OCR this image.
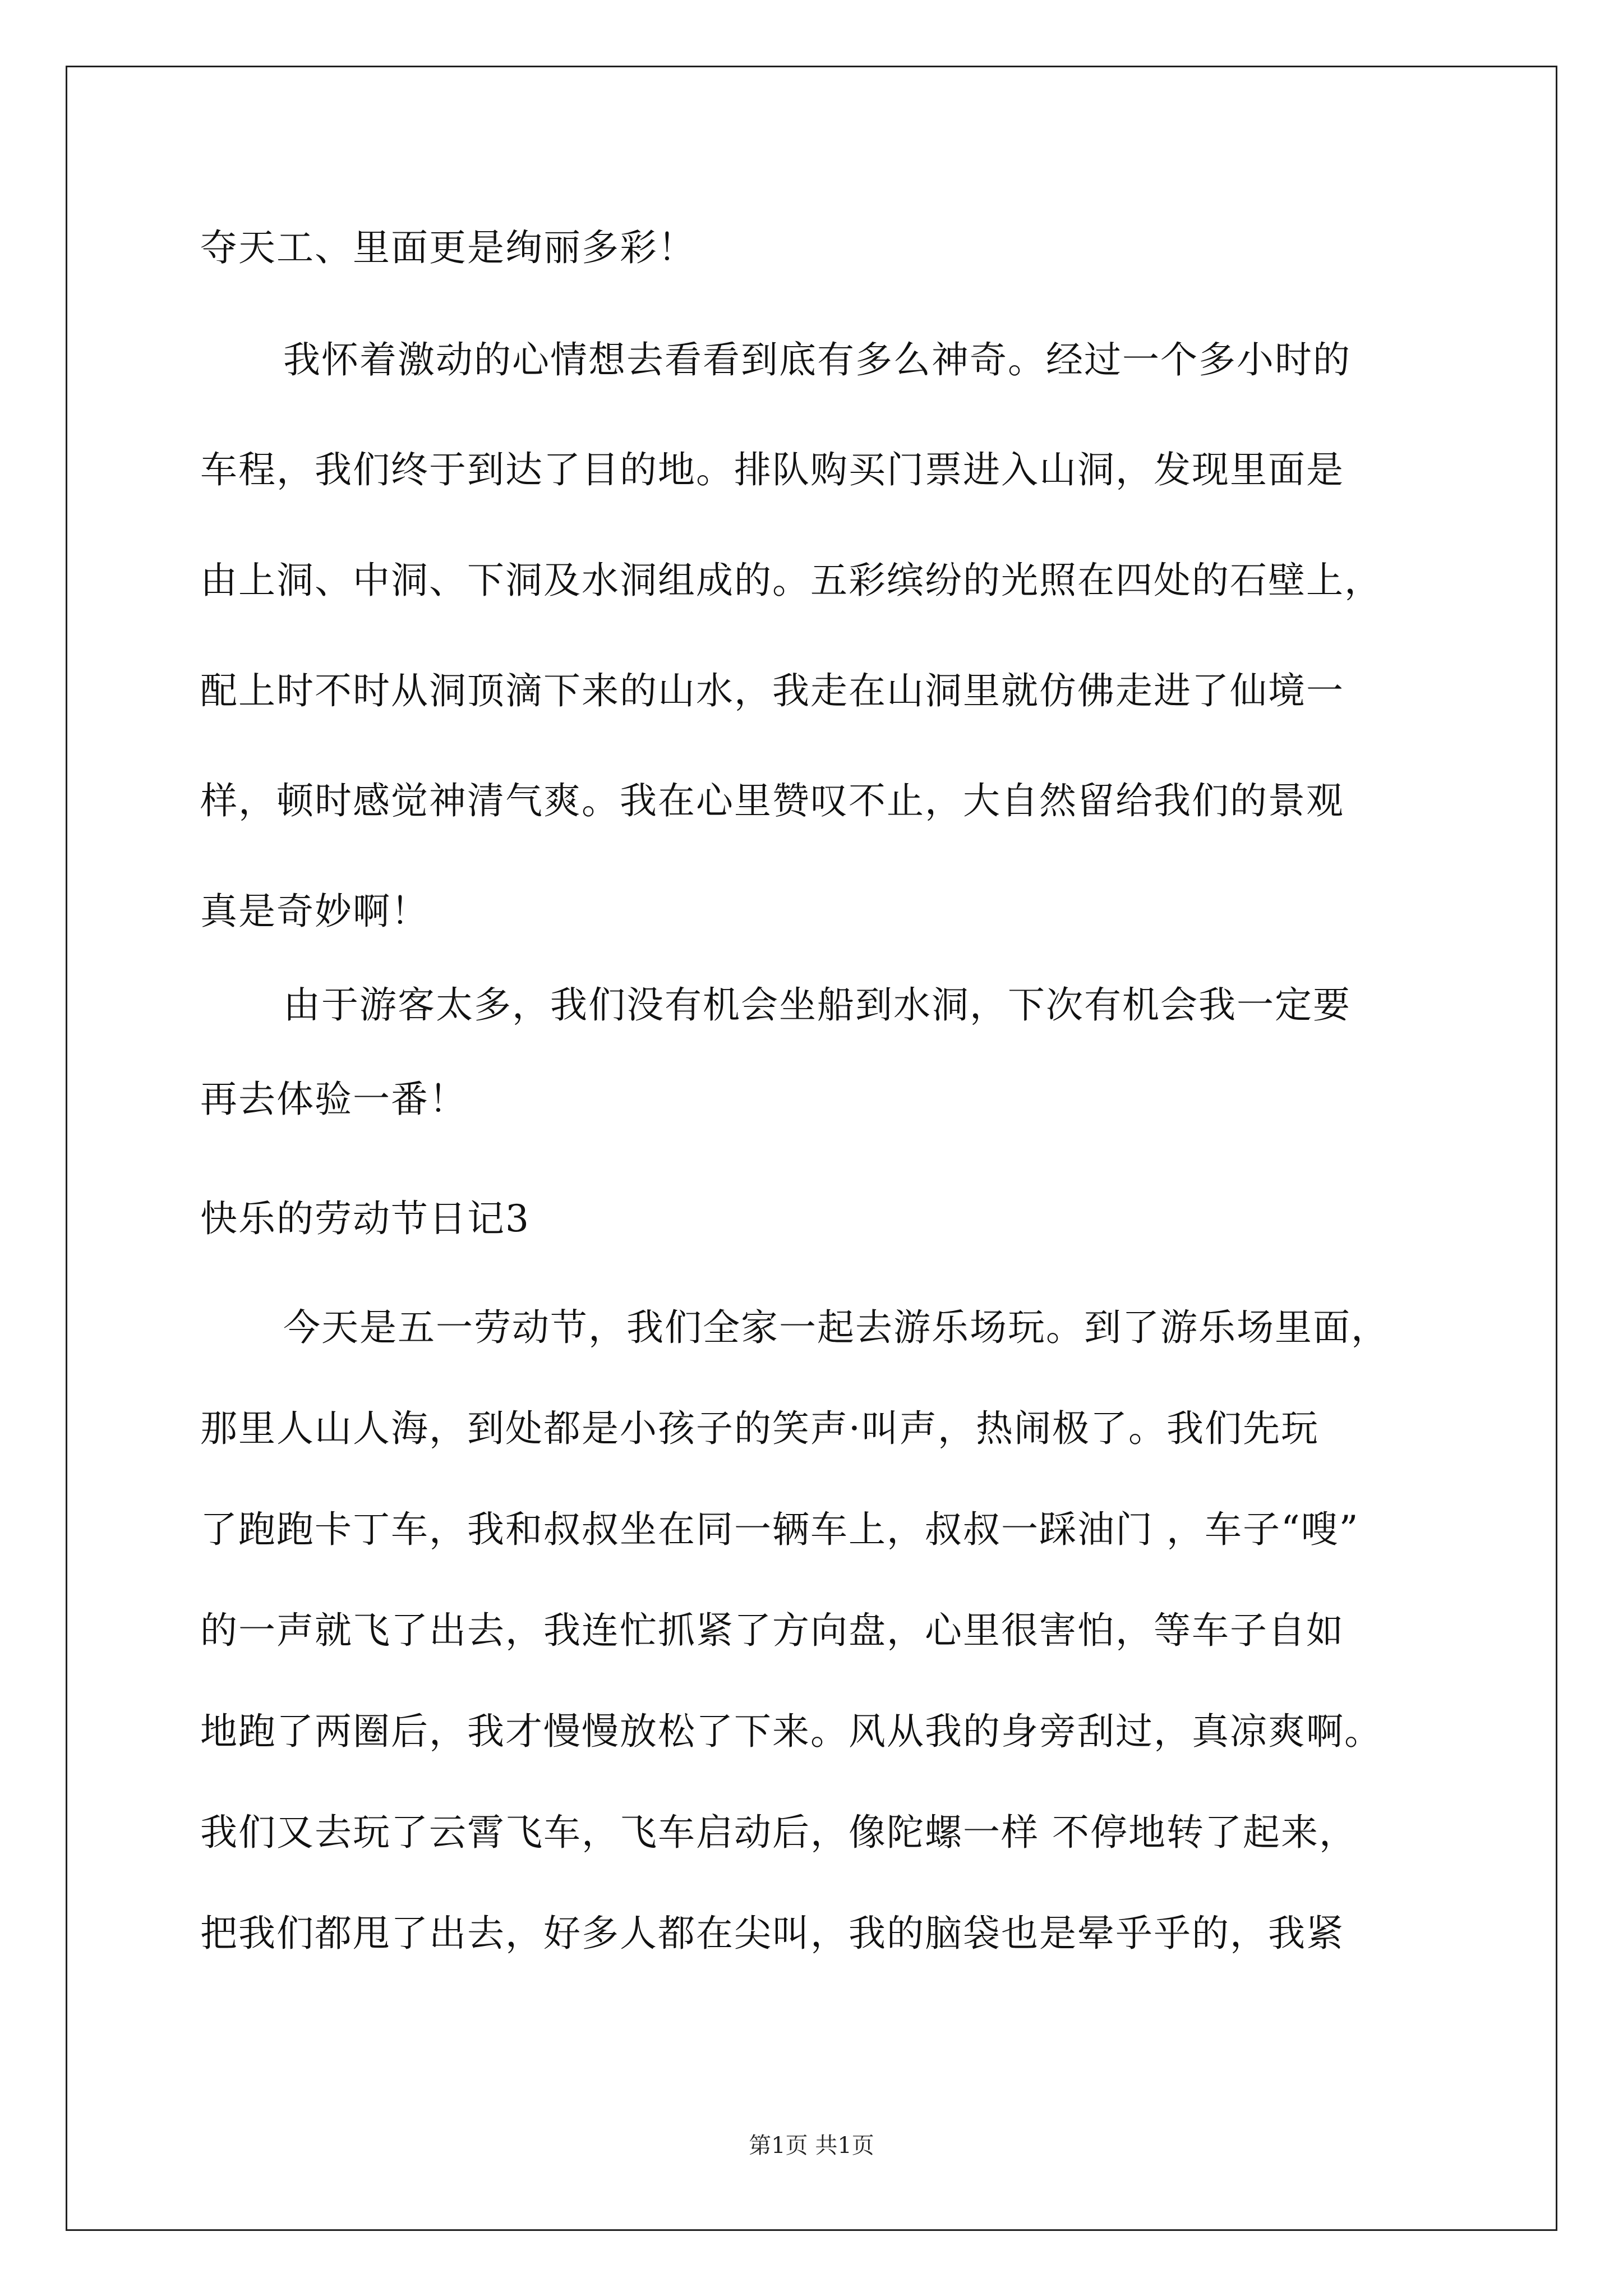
夺天工、里面更是绚丽多彩！
我怀着激动的心情想去看看到底有多么神奇。经过一个多小时的
车程，我们终于到达了目的地。排队购买门票进入山洞，发现里面是
由上洞、中洞、下洞及水洞组成的。五彩缤纷的光照在四处的石壁上，
配上时不时从洞顶滴下来的山水，我走在山洞里就仿佛走进了仙境一
样，顿时感觉神清气爽。我在心里赞叹不止，大自然留给我们的景观
真是奇妙啊！
由于游客太多，我们没有机会坐船到水洞，下次有机会我一定要
再去体验一番！
快乐的劳动节日记3
今天是五一劳动节，我们全家一起去游乐场玩。到了游乐场里面，
那里人山人海，到处都是小孩子的笑声·叫声，热闹极了。我们先玩
了跑跑卡丁车，我和叔叔坐在同一辆车上，叔叔一踩油门 ，车子“嗖”
的一声就飞了出去，我连忙抓紧了方向盘，心里很害怕，等车子自如
地跑了两圈后，我才慢慢放松了下来。风从我的身旁刮过，真凉爽啊。
我们又去玩了云霄飞车，飞车启动后，像陀螺一样 不停地转了起来，
把我们都甩了出去，好多人都在尖叫，我的脑袋也是晕乎乎的，我紧
第1页 共1页
